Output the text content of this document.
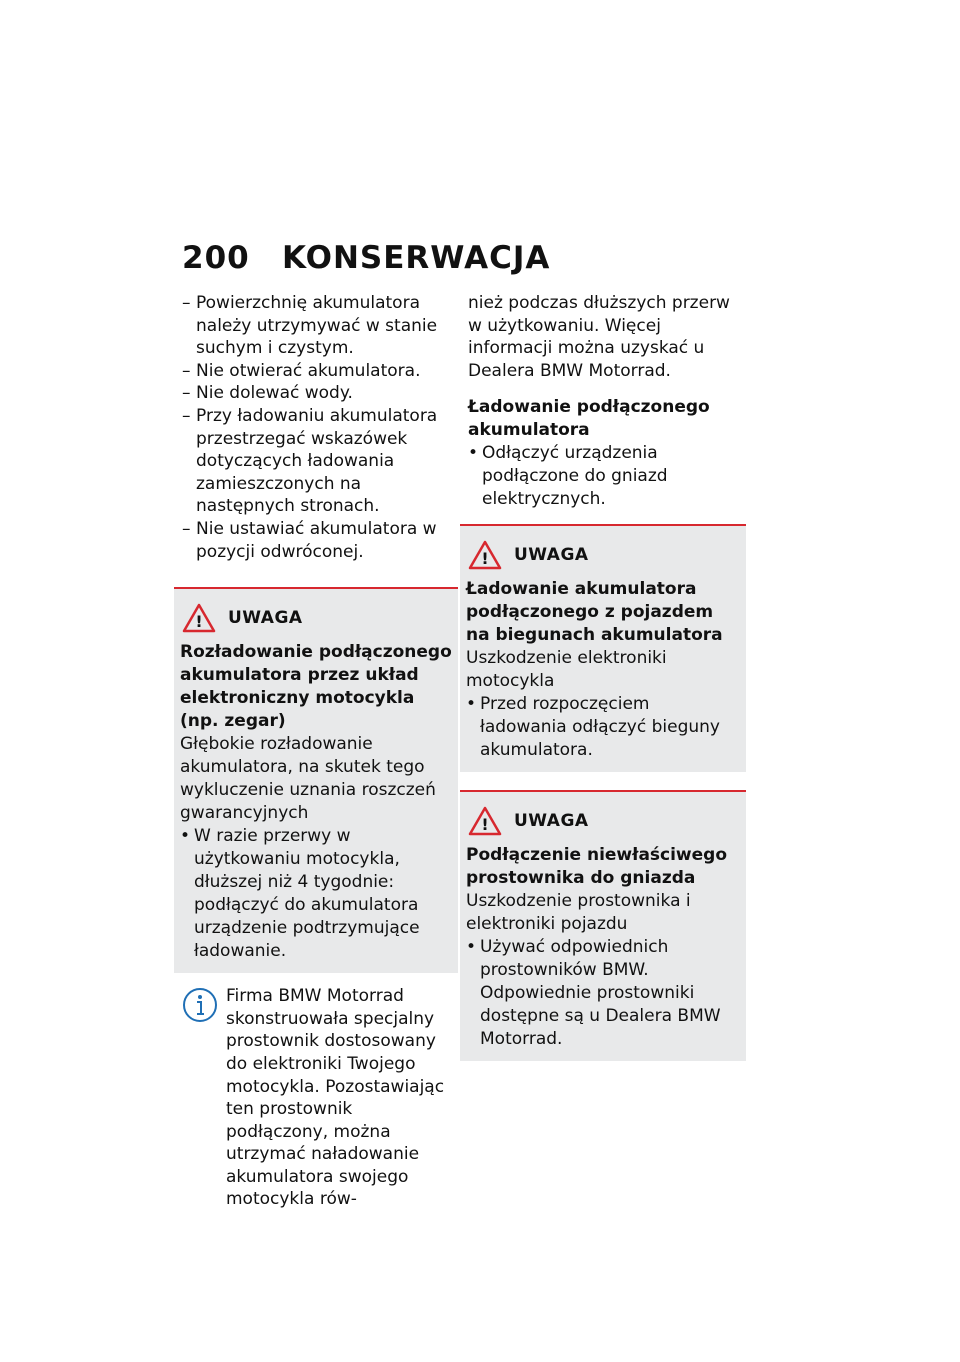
200 KONSERWACJA
– Powierzchnię akumulatora należy utrzymywać w stanie suchym i czystym.
– Nie otwierać akumulatora.
– Nie dolewać wody.
– Przy ładowaniu akumulatora przestrzegać wskazówek dotyczących ładowania zamieszczonych na następnych stronach.
– Nie ustawiać akumulatora w pozycji odwróconej.
! UWAGA

Rozładowanie podłączonego akumulatora przez układ elektroniczny motocykla (np. zegar)

Głębokie rozładowanie akumulatora, na skutek tego wykluczenie uznania roszczeń gwarancyjnych

• W razie przerwy w użytkowaniu motocykla, dłuższej niż 4 tygodnie: podłączyć do akumulatora urządzenie podtrzymujące ładowanie.

Firma BMW Motorrad skonstruowała specjalny prostownik dostosowany do elektroniki Twojego motocykla. Pozostawiając ten prostownik podłączony, można utrzymać naładowanie akumulatora swojego motocykla rów-

nież podczas dłuższych przerw w użytkowaniu. Więcej informacji można uzyskać u Dealera BMW Motorrad.

Ładowanie podłączonego akumulatora

• Odłączyć urządzenia podłączone do gniazd elektrycznych.
! UWAGA

Ładowanie akumulatora podłączonego z pojazdem na biegunach akumulatora

Uszkodzenie elektroniki motocykla

• Przed rozpoczęciem ładowania odłączyć bieguny akumulatora.
! UWAGA

Podłączenie niewłaściwego prostownika do gniazda

Uszkodzenie prostownika i elektroniki pojazdu

• Używać odpowiednich prostowników BMW. Odpowiednie prostowniki dostępne są u Dealera BMW Motorrad.
